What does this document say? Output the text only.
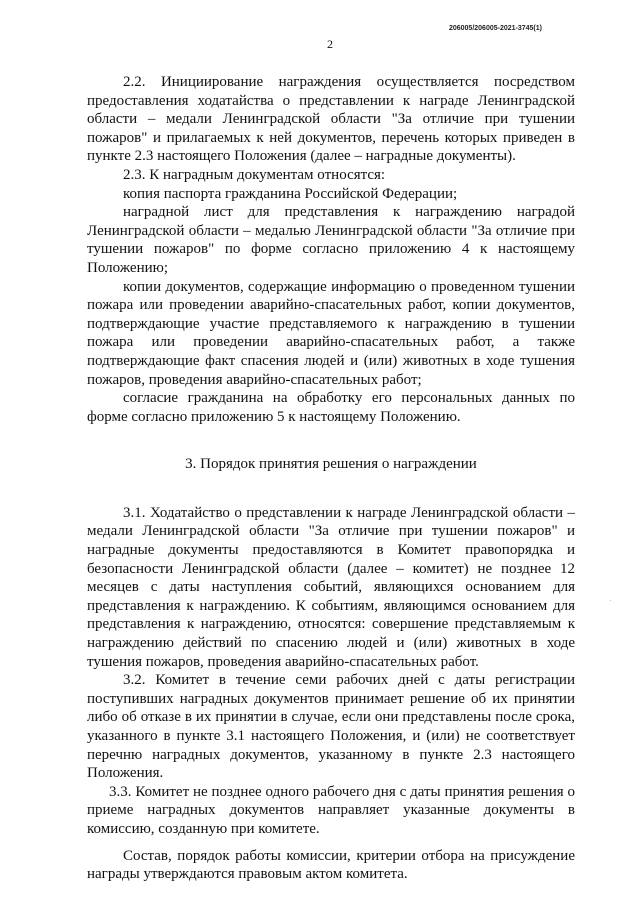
206005/206005-2021-3745(1)
2

2.2. Инициирование награждения осуществляется посредством предоставления ходатайства о представлении к награде Ленинградской области – медали Ленинградской области "За отличие при тушении пожаров" и прилагаемых к ней документов, перечень которых приведен в пункте 2.3 настоящего Положения (далее – наградные документы).

2.3. К наградным документам относятся:

копия паспорта гражданина Российской Федерации;

наградной лист для представления к награждению наградой Ленинградской области – медалью Ленинградской области "За отличие при тушении пожаров" по форме согласно приложению 4 к настоящему Положению;

копии документов, содержащие информацию о проведенном тушении пожара или проведении аварийно-спасательных работ, копии документов, подтверждающие участие представляемого к награждению в тушении пожара или проведении аварийно-спасательных работ, а также подтверждающие факт спасения людей и (или) животных в ходе тушения пожаров, проведения аварийно-спасательных работ;

согласие гражданина на обработку его персональных данных по форме согласно приложению 5 к настоящему Положению.

3. Порядок принятия решения о награждении

3.1. Ходатайство о представлении к награде Ленинградской области – медали Ленинградской области "За отличие при тушении пожаров" и наградные документы предоставляются в Комитет правопорядка и безопасности Ленинградской области (далее – комитет) не позднее 12 месяцев с даты наступления событий, являющихся основанием для представления к награждению. К событиям, являющимся основанием для представления к награждению, относятся: совершение представляемым к награждению действий по спасению людей и (или) животных в ходе тушения пожаров, проведения аварийно-спасательных работ.

3.2. Комитет в течение семи рабочих дней с даты регистрации поступивших наградных документов принимает решение об их принятии либо об отказе в их принятии в случае, если они представлены после срока, указанного в пункте 3.1 настоящего Положения, и (или) не соответствует перечню наградных документов, указанному в пункте 2.3 настоящего Положения.

3.3. Комитет не позднее одного рабочего дня с даты принятия решения о приеме наградных документов направляет указанные документы в комиссию, созданную при комитете.

Состав, порядок работы комиссии, критерии отбора на присуждение награды утверждаются правовым актом комитета.
